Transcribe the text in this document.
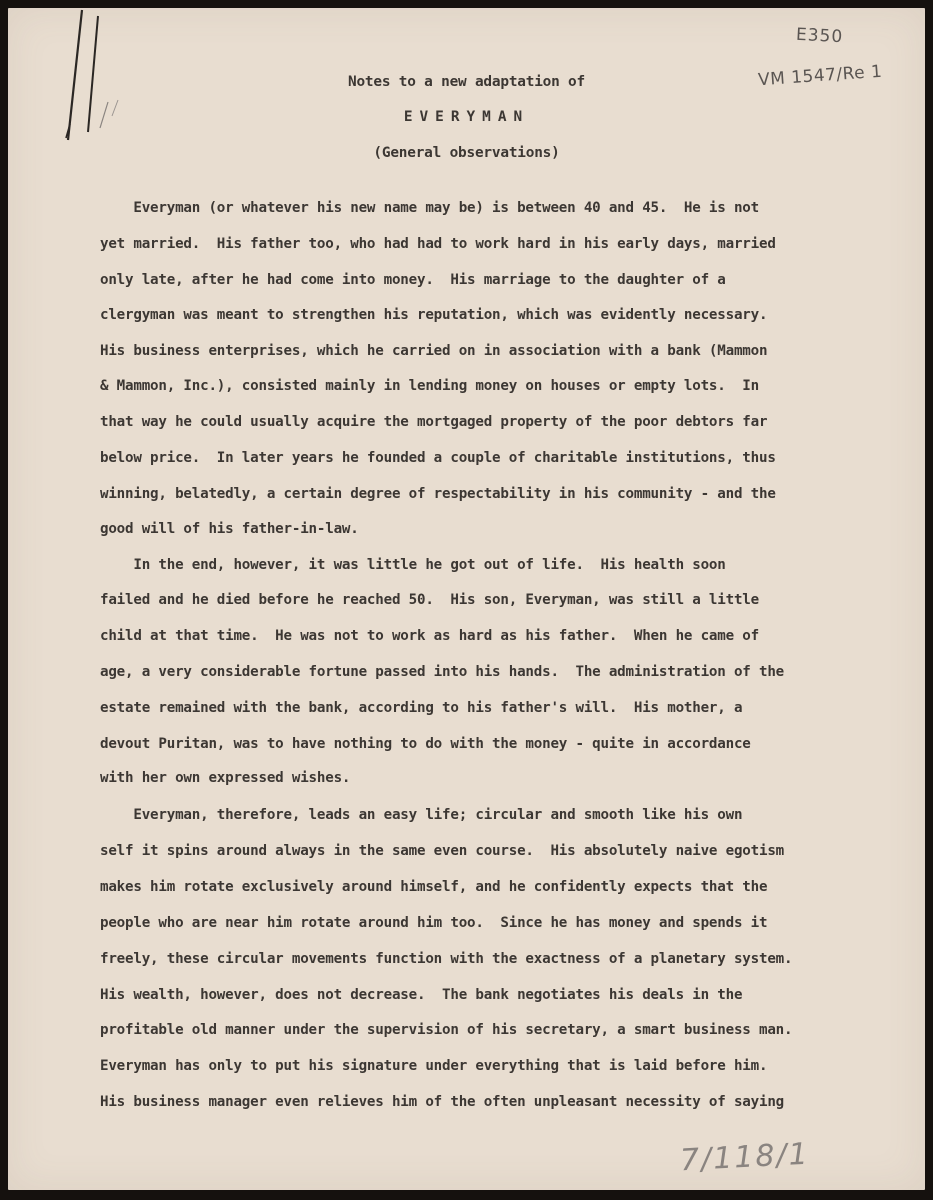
E350
VM 1547/Re 1
Notes to a new adaptation of
EVERYMAN
(General observations)
Everyman (or whatever his new name may be) is between 40 and 45.  He is not
yet married.  His father too, who had had to work hard in his early days, married
only late, after he had come into money.  His marriage to the daughter of a
clergyman was meant to strengthen his reputation, which was evidently necessary.
His business enterprises, which he carried on in association with a bank (Mammon
& Mammon, Inc.), consisted mainly in lending money on houses or empty lots.  In
that way he could usually acquire the mortgaged property of the poor debtors far
below price.  In later years he founded a couple of charitable institutions, thus
winning, belatedly, a certain degree of respectability in his community - and the
good will of his father-in-law.
In the end, however, it was little he got out of life.  His health soon
failed and he died before he reached 50.  His son, Everyman, was still a little
child at that time.  He was not to work as hard as his father.  When he came of
age, a very considerable fortune passed into his hands.  The administration of the
estate remained with the bank, according to his father's will.  His mother, a
devout Puritan, was to have nothing to do with the money - quite in accordance
with her own expressed wishes.
Everyman, therefore, leads an easy life; circular and smooth like his own
self it spins around always in the same even course.  His absolutely naive egotism
makes him rotate exclusively around himself, and he confidently expects that the
people who are near him rotate around him too.  Since he has money and spends it
freely, these circular movements function with the exactness of a planetary system.
His wealth, however, does not decrease.  The bank negotiates his deals in the
profitable old manner under the supervision of his secretary, a smart business man.
Everyman has only to put his signature under everything that is laid before him.
His business manager even relieves him of the often unpleasant necessity of saying
7/118/1
